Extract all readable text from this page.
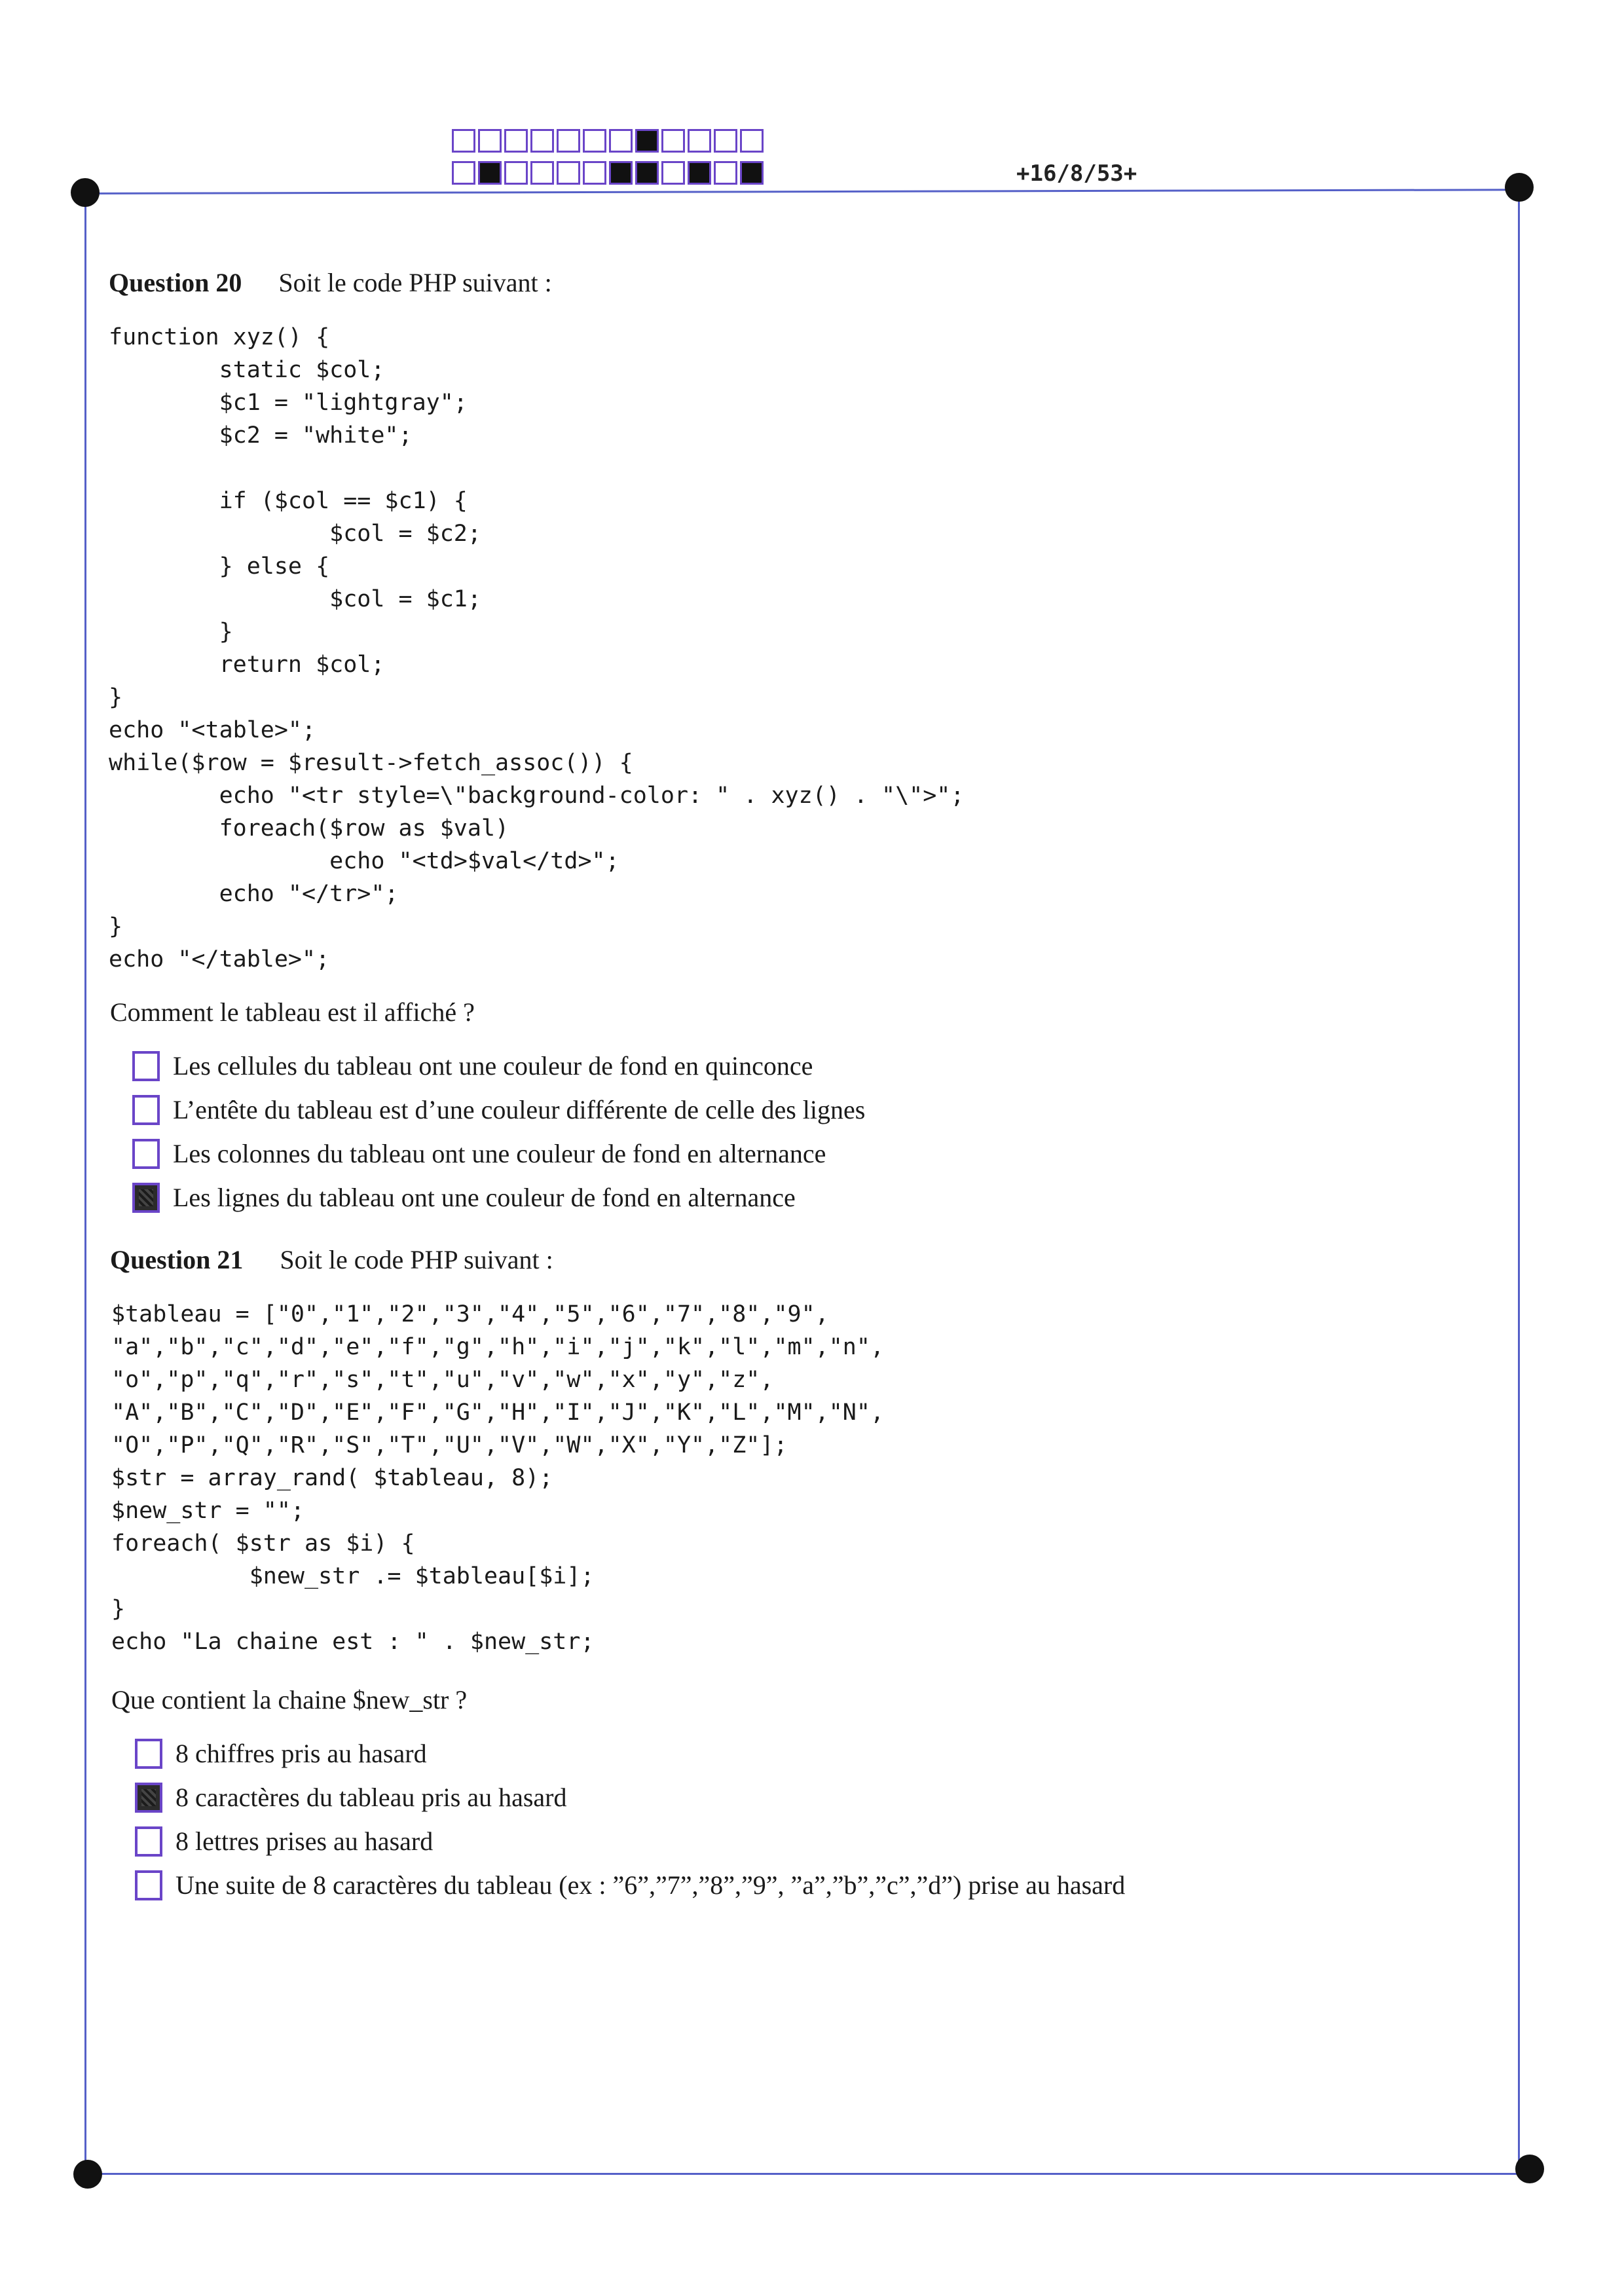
+16/8/53+
Question 20 Soit le code PHP suivant :
function xyz() {
static $col;
$c1 = "lightgray";
$c2 = "white";

if ($col == $c1) {
$col = $c2;
} else {
$col = $c1;
}
return $col;
}
echo "<table>";
while($row = $result->fetch_assoc()) {
echo "<tr style=\"background-color: " . xyz() . "\">";
foreach($row as $val)
echo "<td>$val</td>";
echo "</tr>";
}
echo "</table>";
Comment le tableau est il affiché ?
Les cellules du tableau ont une couleur de fond en quinconce
L’entête du tableau est d’une couleur différente de celle des lignes
Les colonnes du tableau ont une couleur de fond en alternance
Les lignes du tableau ont une couleur de fond en alternance
Question 21 Soit le code PHP suivant :
$tableau = ["0","1","2","3","4","5","6","7","8","9",
"a","b","c","d","e","f","g","h","i","j","k","l","m","n",
"o","p","q","r","s","t","u","v","w","x","y","z",
"A","B","C","D","E","F","G","H","I","J","K","L","M","N",
"O","P","Q","R","S","T","U","V","W","X","Y","Z"];
$str = array_rand( $tableau, 8);
$new_str = "";
foreach( $str as $i) {
$new_str .= $tableau[$i];
}
echo "La chaine est : " . $new_str;
Que contient la chaine $new_str ?
8 chiffres pris au hasard
8 caractères du tableau pris au hasard
8 lettres prises au hasard
Une suite de 8 caractères du tableau (ex : ”6”,”7”,”8”,”9”, ”a”,”b”,”c”,”d”) prise au hasard
